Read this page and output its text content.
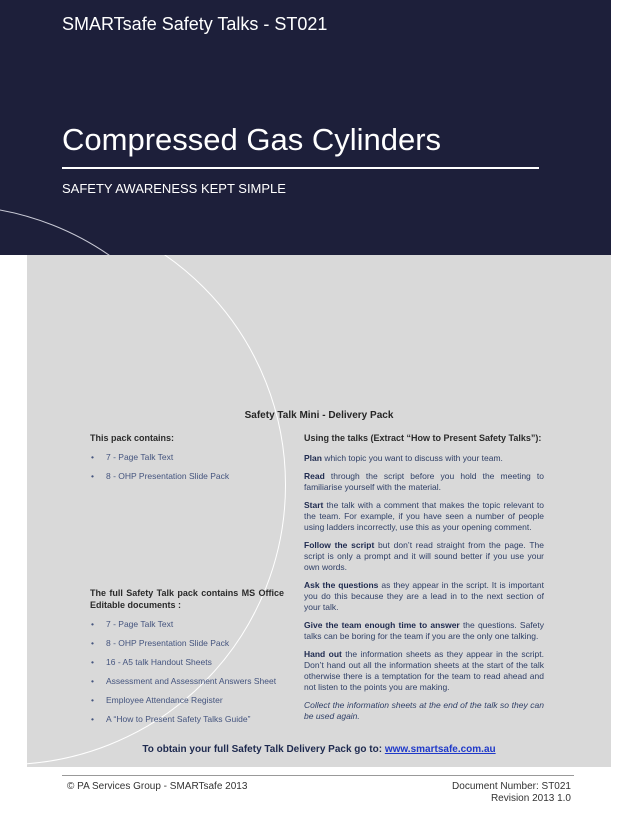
SMARTsafe Safety Talks - ST021
Compressed Gas Cylinders
SAFETY AWARENESS KEPT SIMPLE
Safety Talk Mini - Delivery Pack
This pack contains:
• 7 - Page Talk Text
• 8 - OHP Presentation Slide Pack
The full Safety Talk pack contains MS Office Editable documents :
• 7 - Page Talk Text
• 8 - OHP Presentation Slide Pack
• 16 - A5 talk Handout Sheets
• Assessment and Assessment Answers Sheet
• Employee Attendance Register
• A “How to Present Safety Talks Guide”
Using the talks (Extract “How to Present Safety Talks”):

Plan which topic you want to discuss with your team.

Read through the script before you hold the meeting to familiarise yourself with the material.

Start the talk with a comment that makes the topic relevant to the team. For example, if you have seen a number of people using ladders incorrectly, use this as your opening comment.

Follow the script but don’t read straight from the page. The script is only a prompt and it will sound better if you use your own words.

Ask the questions as they appear in the script. It is important you do this because they are a lead in to the next section of your talk.

Give the team enough time to answer the questions. Safety talks can be boring for the team if you are the only one talking.

Hand out the information sheets as they appear in the script. Don’t hand out all the information sheets at the start of the talk otherwise there is a temptation for the team to read ahead and not listen to the points you are making.

Collect the information sheets at the end of the talk so they can be used again.

To obtain your full Safety Talk Delivery Pack go to: www.smartsafe.com.au
© PA Services Group - SMARTsafe 2013	Document Number: ST021
Revision 2013 1.0
